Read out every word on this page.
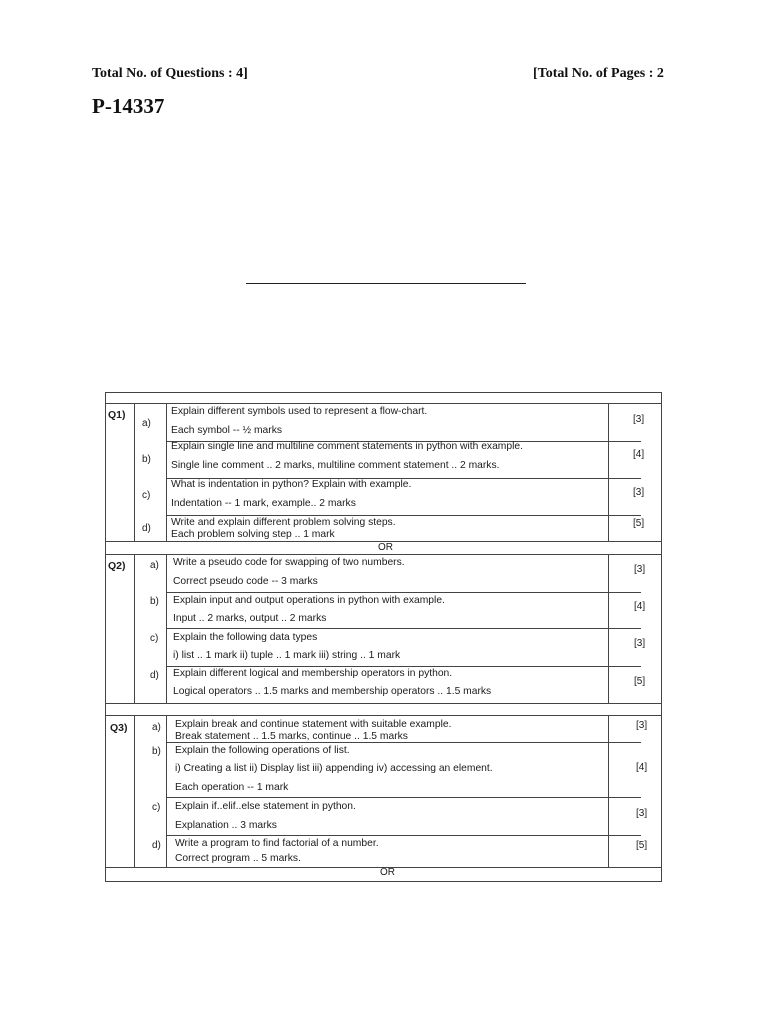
Total No. of Questions : 4]	[Total No. of Pages : 2
P-14337
Q1)
a)
Explain different symbols used to represent a flow-chart.
Each symbol -- ½ marks
[3]
b)
Explain single line and multiline comment statements in python with example.
Single line comment .. 2 marks, multiline comment statement .. 2 marks.
[4]
c)
What is indentation in python? Explain with example.
Indentation -- 1 mark, example.. 2 marks
[3]
d)
Write and explain different problem solving steps.
Each problem solving step .. 1 mark
[5]
OR
Q2) a) Write a pseudo code for swapping of two numbers.
Correct pseudo code -- 3 marks
[3]
b) Explain input and output operations in python with example.
Input .. 2 marks, output .. 2 marks
[4]
c) Explain the following data types
i) list .. 1 mark ii) tuple .. 1 mark iii) string .. 1 mark
[3]
d) Explain different logical and membership operators in python.
Logical operators .. 1.5 marks and membership operators .. 1.5 marks
[5]
Q3) a) Explain break and continue statement with suitable example.
Break statement .. 1.5 marks, continue .. 1.5 marks
[3]
b) Explain the following operations of list.
i) Creating a list ii) Display list iii) appending iv) accessing an element.
Each operation -- 1 mark
[4]
c) Explain if..elif..else statement in python.
Explanation .. 3 marks
[3]
d) Write a program to find factorial of a number.
Correct program .. 5 marks.
[5]
OR
